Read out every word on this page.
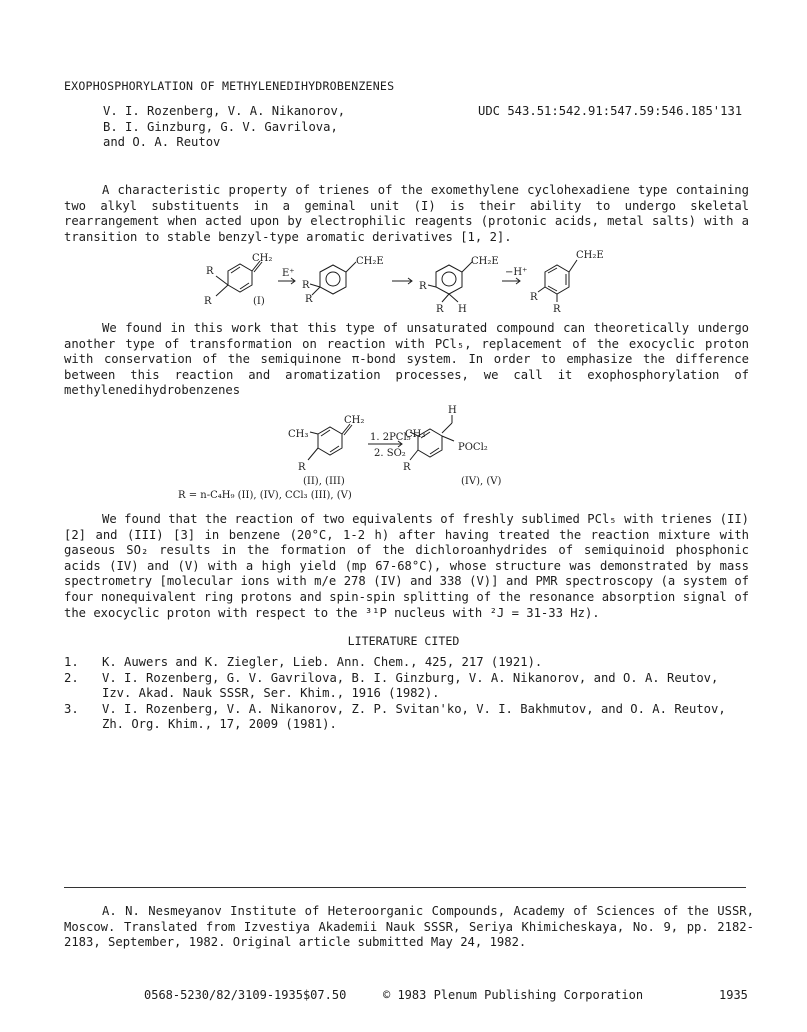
EXOPHOSPHORYLATION OF METHYLENEDIHYDROBENZENES
V. I. Rozenberg, V. A. Nikanorov,
B. I. Ginzburg, G. V. Gavrilova,
and O. A. Reutov
UDC 543.51:542.91:547.59:546.185'131

A characteristic property of trienes of the exomethylene cyclohexadiene type containing two alkyl substituents in a geminal unit (I) is their ability to undergo skeletal rearrangement when acted upon by electrophilic reagents (protonic acids, metal salts) with a transition to stable benzyl-type aromatic derivatives [1, 2].

CH₂
R
R	(I)
E⁺
R
R
CH₂E
R
R H
CH₂E
−H⁺
CH₂E
R
R

We found in this work that this type of unsaturated compound can theoretically undergo another type of transformation on reaction with PCl₅, replacement of the exocyclic proton with conservation of the semiquinone π-bond system. In order to emphasize the difference between this reaction and aromatization processes, we call it exophosphorylation of methylenedihydrobenzenes

CH₂
CH₃
R
1. 2PCl₅
2. SO₂
CH₃
H
POCl₂
R
(II), (III)	(IV), (V)
R = n-C₄H₉ (II), (IV), CCl₃ (III), (V)

We found that the reaction of two equivalents of freshly sublimed PCl₅ with trienes (II) [2] and (III) [3] in benzene (20°C, 1-2 h) after having treated the reaction mixture with gaseous SO₂ results in the formation of the dichloroanhydrides of semiquinoid phosphonic acids (IV) and (V) with a high yield (mp 67-68°C), whose structure was demonstrated by mass spectrometry [molecular ions with m/e 278 (IV) and 338 (V)] and PMR spectroscopy (a system of four nonequivalent ring protons and spin-spin splitting of the resonance absorption signal of the exocyclic proton with respect to the ³¹P nucleus with ²J = 31-33 Hz).

LITERATURE CITED
1.	K. Auwers and K. Ziegler, Lieb. Ann. Chem., 425, 217 (1921).
2.	V. I. Rozenberg, G. V. Gavrilova, B. I. Ginzburg, V. A. Nikanorov, and O. A. Reutov, Izv. Akad. Nauk SSSR, Ser. Khim., 1916 (1982).
3.	V. I. Rozenberg, V. A. Nikanorov, Z. P. Svitan'ko, V. I. Bakhmutov, and O. A. Reutov, Zh. Org. Khim., 17, 2009 (1981).

A. N. Nesmeyanov Institute of Heteroorganic Compounds, Academy of Sciences of the USSR, Moscow. Translated from Izvestiya Akademii Nauk SSSR, Seriya Khimicheskaya, No. 9, pp. 2182-2183, September, 1982. Original article submitted May 24, 1982.

0568-5230/82/3109-1935$07.50	© 1983 Plenum Publishing Corporation	1935
